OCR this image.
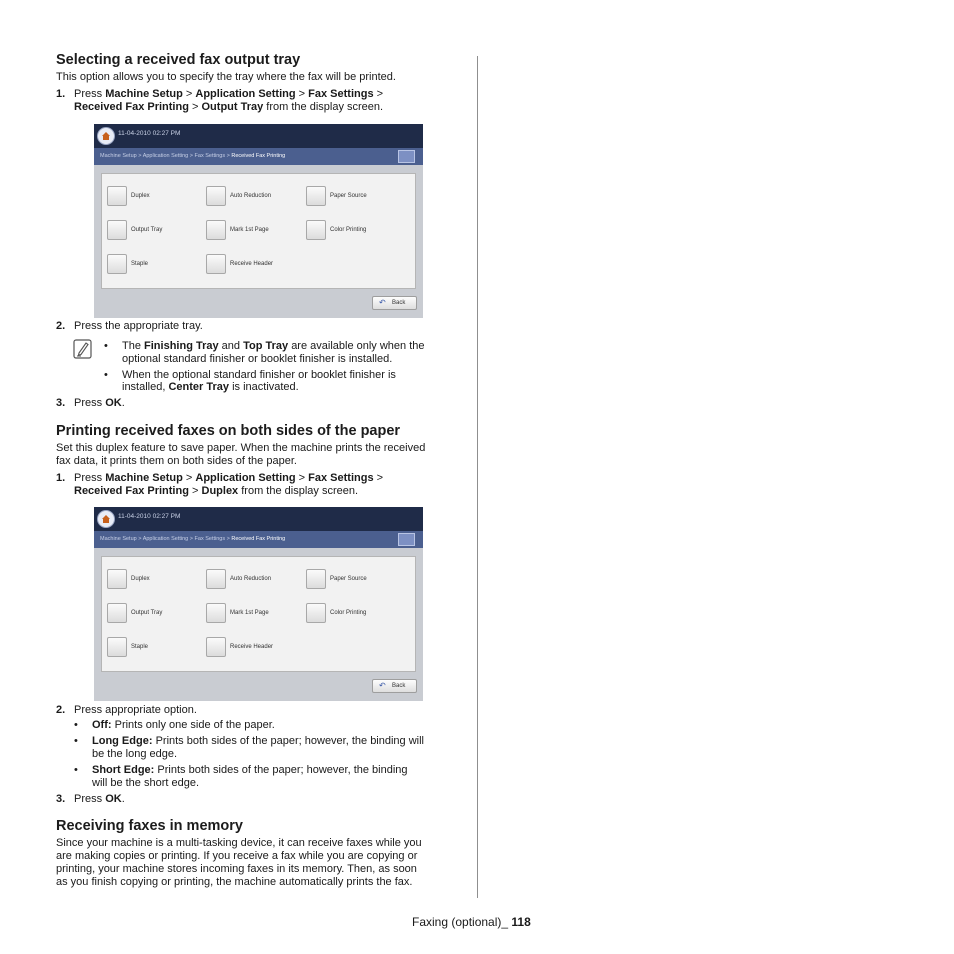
Selecting a received fax output tray
This option allows you to specify the tray where the fax will be printed.
1. Press Machine Setup > Application Setting > Fax Settings >
Received Fax Printing > Output Tray from the display screen.
11-04-2010 02:27 PM
Machine Setup > Application Setting > Fax Settings > Received Fax Printing
Duplex	Auto Reduction	Paper Source
Output Tray	Mark 1st Page	Color Printing
Staple	Receive Header
↶ Back
2. Press the appropriate tray.
• The Finishing Tray and Top Tray are available only when the
optional standard finisher or booklet finisher is installed.
• When the optional standard finisher or booklet finisher is
installed, Center Tray is inactivated.
3. Press OK.
Printing received faxes on both sides of the paper
Set this duplex feature to save paper. When the machine prints the received
fax data, it prints them on both sides of the paper.
1. Press Machine Setup > Application Setting > Fax Settings >
Received Fax Printing > Duplex from the display screen.
11-04-2010 02:27 PM
Machine Setup > Application Setting > Fax Settings > Received Fax Printing
Duplex	Auto Reduction	Paper Source
Output Tray	Mark 1st Page	Color Printing
Staple	Receive Header
↶ Back
2. Press appropriate option.
• Off: Prints only one side of the paper.
• Long Edge: Prints both sides of the paper; however, the binding will
be the long edge.
• Short Edge: Prints both sides of the paper; however, the binding
will be the short edge.
3. Press OK.
Receiving faxes in memory
Since your machine is a multi-tasking device, it can receive faxes while you
are making copies or printing. If you receive a fax while you are copying or
printing, your machine stores incoming faxes in its memory. Then, as soon
as you finish copying or printing, the machine automatically prints the fax.
Faxing (optional)_ 118
